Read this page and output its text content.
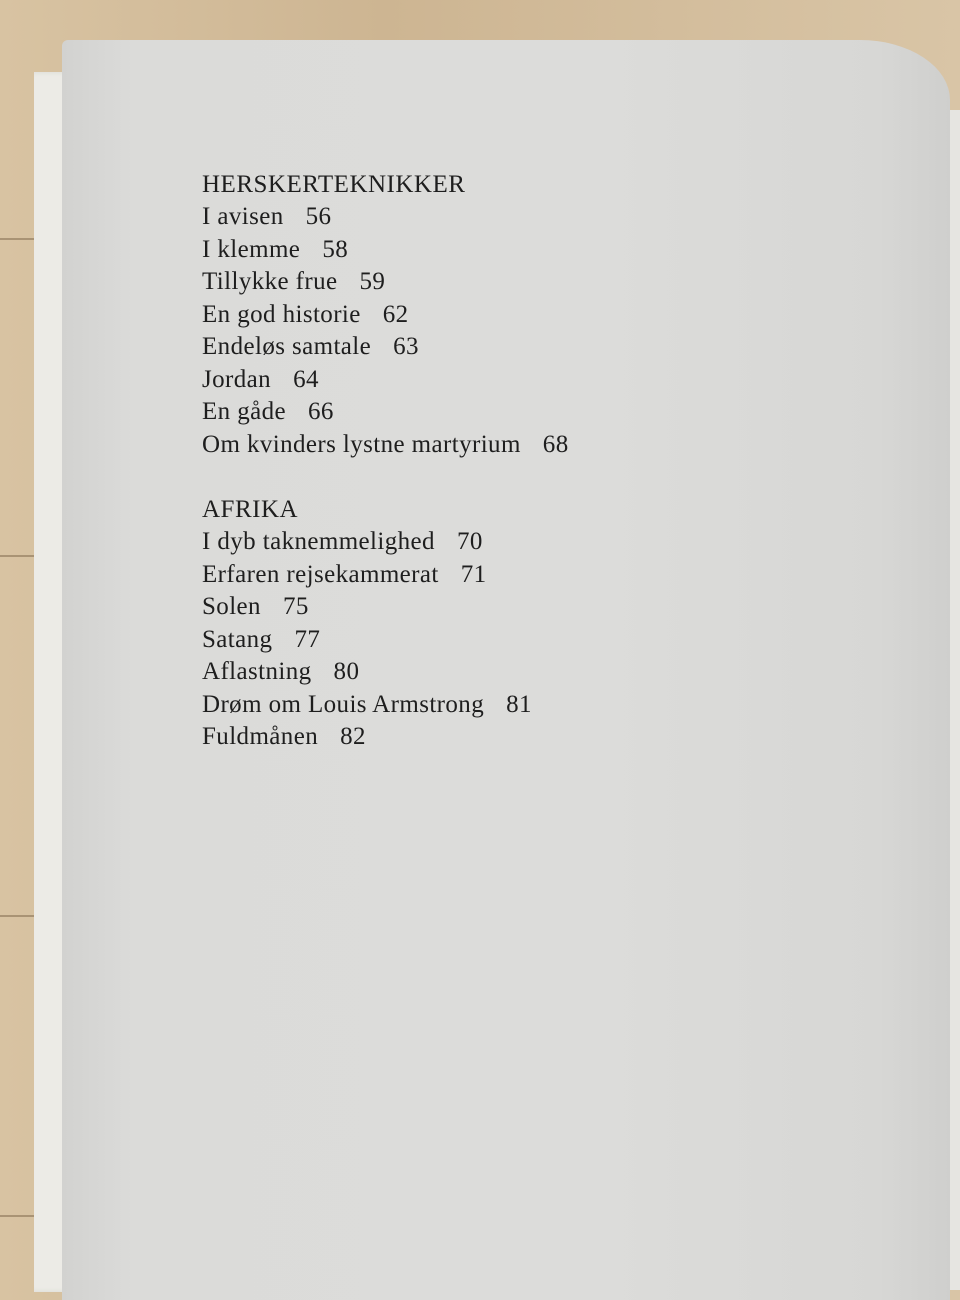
HERSKERTEKNIKKER
I avisen 56
I klemme 58
Tillykke frue 59
En god historie 62
Endeløs samtale 63
Jordan 64
En gåde 66
Om kvinders lystne martyrium 68
AFRIKA
I dyb taknemmelighed 70
Erfaren rejsekammerat 71
Solen 75
Satang 77
Aflastning 80
Drøm om Louis Armstrong 81
Fuldmånen 82
